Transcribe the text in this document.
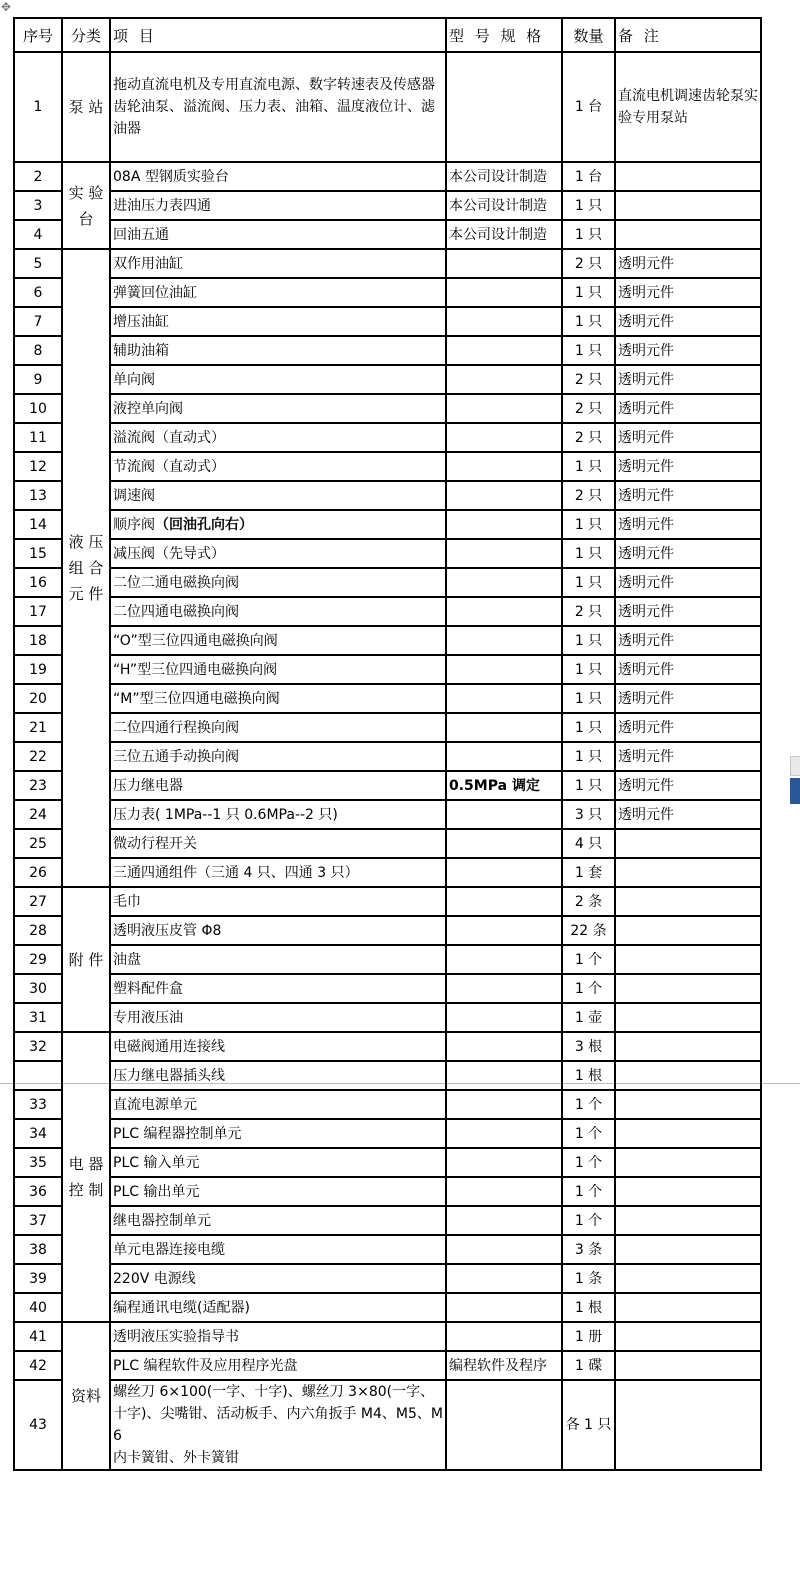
✥
序号	分类	项 目	型 号 规 格	数量	备 注
1	泵 站	拖动直流电机及专用直流电源、数字转速表及传感器
齿轮油泵、溢流阀、压力表、油箱、温度液位计、滤油器		1 台	直流电机调速齿轮泵实验专用泵站
2	实 验 台	08A 型钢质实验台	本公司设计制造	1 台	
3		进油压力表四通	本公司设计制造	1 只	
4		回油五通	本公司设计制造	1 只	
5	液 压 组 合 元 件	双作用油缸		2 只	透明元件
6		弹簧回位油缸		1 只	透明元件
7		增压油缸		1 只	透明元件
8		辅助油箱		1 只	透明元件
9		单向阀		2 只	透明元件
10		液控单向阀		2 只	透明元件
11		溢流阀（直动式）		2 只	透明元件
12		节流阀（直动式）		1 只	透明元件
13		调速阀		2 只	透明元件
14		顺序阀（回油孔向右）		1 只	透明元件
15		减压阀（先导式）		1 只	透明元件
16		二位二通电磁换向阀		1 只	透明元件
17		二位四通电磁换向阀		2 只	透明元件
18		“O”型三位四通电磁换向阀		1 只	透明元件
19		“H”型三位四通电磁换向阀		1 只	透明元件
20		“M”型三位四通电磁换向阀		1 只	透明元件
21		二位四通行程换向阀		1 只	透明元件
22		三位五通手动换向阀		1 只	透明元件
23		压力继电器	0.5MPa 调定	1 只	透明元件
24		压力表( 1MPa--1 只 0.6MPa--2 只)		3 只	透明元件
25		微动行程开关		4 只	
26		三通四通组件（三通 4 只、四通 3 只）		1 套	
27	附 件	毛巾		2 条	
28		透明液压皮管 Φ8		22 条	
29		油盘		1 个	
30		塑料配件盒		1 个	
31		专用液压油		1 壶	
32	电 器 控 制	电磁阀通用连接线		3 根	
		压力继电器插头线		1 根	
33		直流电源单元		1 个	
34		PLC 编程器控制单元		1 个	
35		PLC 输入单元		1 个	
36		PLC 输出单元		1 个	
37		继电器控制单元		1 个	
38		单元电器连接电缆		3 条	
39		220V 电源线		1 条	
40		编程通讯电缆(适配器)		1 根	
41	资料	透明液压实验指导书		1 册	
42		PLC 编程软件及应用程序光盘	编程软件及程序	1 碟	
43		螺丝刀 6×100(一字、十字)、螺丝刀 3×80(一字、十字)、尖嘴钳、活动板手、内六角扳手 M4、M5、M6
内卡簧钳、外卡簧钳		各 1 只	
